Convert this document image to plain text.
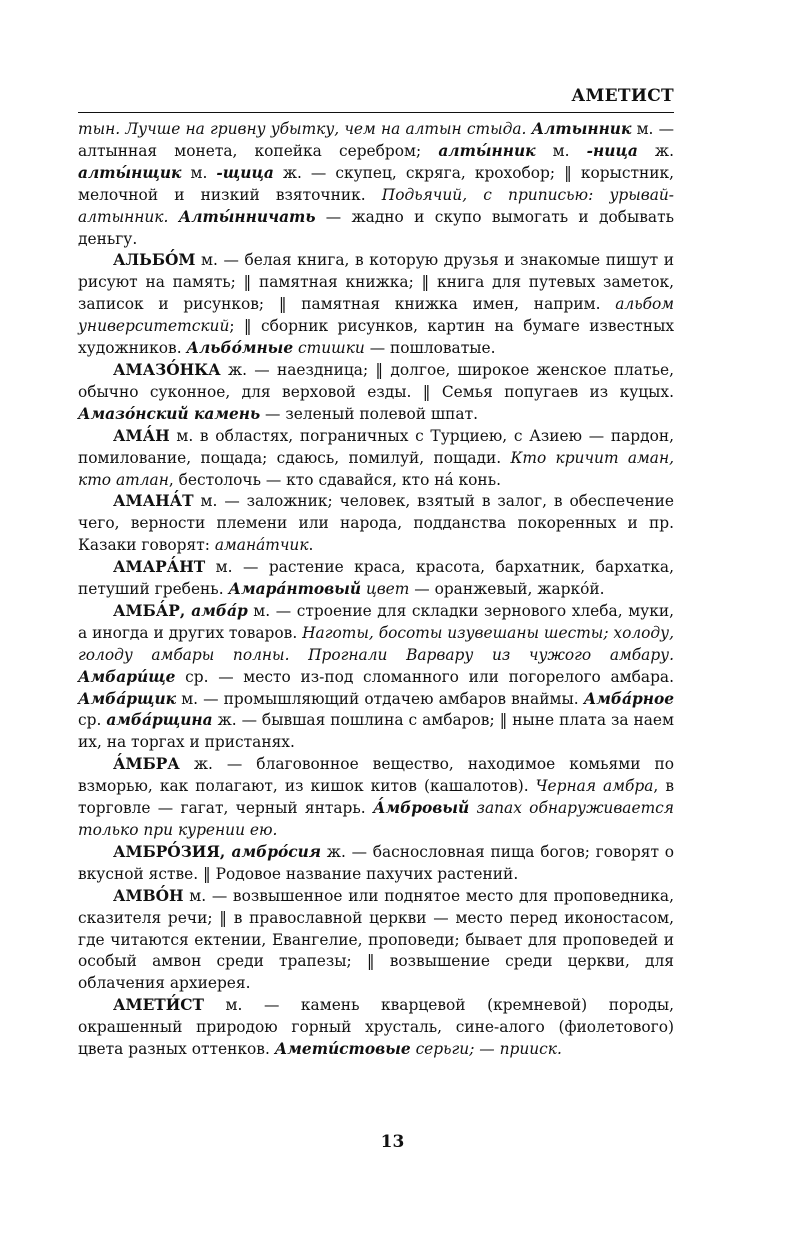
АМЕТИСТ

тын. Лучше на гривну убытку, чем на алтын стыда. Алтынник м. — алтынная монета, копейка серебром; алты́нник м. -ница ж. алты́нщик м. -щица ж. — скупец, скряга, крохобор; ‖ корыстник, мелочной и низкий взяточник. Подьячий, с приписью: урывай-алтынник. Алты́нничать — жадно и скупо вымогать и добывать деньгу.

АЛЬБО́М м. — белая книга, в которую друзья и знакомые пишут и рисуют на память; ‖ памятная книжка; ‖ книга для путевых заметок, записок и рисунков; ‖ памятная книжка имен, наприм. альбом университетский; ‖ сборник рисунков, картин на бумаге известных художников. Альбо́мные стишки — пошловатые.

АМАЗО́НКА ж. — наездница; ‖ долгое, широкое женское платье, обычно суконное, для верховой езды. ‖ Семья попугаев из куцых. Амазо́нский камень — зеленый полевой шпат.

АМА́Н м. в областях, пограничных с Турциею, с Азиею — пардон, помилование, пощада; сдаюсь, помилуй, пощади. Кто кричит аман, кто атлан, бестолочь — кто сдавайся, кто на́ конь.

АМАНА́Т м. — заложник; человек, взятый в залог, в обеспечение чего, верности племени или народа, подданства покоренных и пр. Казаки говорят: амана́тчик.

АМАРА́НТ м. — растение краса, красота, бархатник, бархатка, петуший гребень. Амара́нтовый цвет — оранжевый, жаркóй.

АМБА́Р, амба́р м. — строение для складки зернового хлеба, муки, а иногда и других товаров. Наготы, босоты изувешаны шесты; холоду, голоду амбары полны. Прогнали Варвару из чужого амбару. Амбари́ще ср. — место из-под сломанного или погорелого амбара. Амба́рщик м. — промышляющий отдачею амбаров внаймы. Амба́рное ср. амба́рщина ж. — бывшая пошлина с амбаров; ‖ ныне плата за наем их, на торгах и пристанях.

А́МБРА ж. — благовонное вещество, находимое комьями по взморью, как полагают, из кишок китов (кашалотов). Черная амбра, в торговле — гагат, черный янтарь. А́мбровый запах обнаруживается только при курении ею.

АМБРО́ЗИЯ, амбро́сия ж. — баснословная пища богов; говорят о вкусной ястве. ‖ Родовое название пахучих растений.

АМВО́Н м. — возвышенное или поднятое место для проповедника, сказителя речи; ‖ в православной церкви — место перед иконостасом, где читаются ектении, Евангелие, проповеди; бывает для проповедей и особый амвон среди трапезы; ‖ возвышение среди церкви, для облачения архиерея.

АМЕТИ́СТ м. — камень кварцевой (кремневой) породы, окрашенный природою горный хрусталь, сине-алого (фиолетового) цвета разных оттенков. Амети́стовые серьги; — прииск.

13
